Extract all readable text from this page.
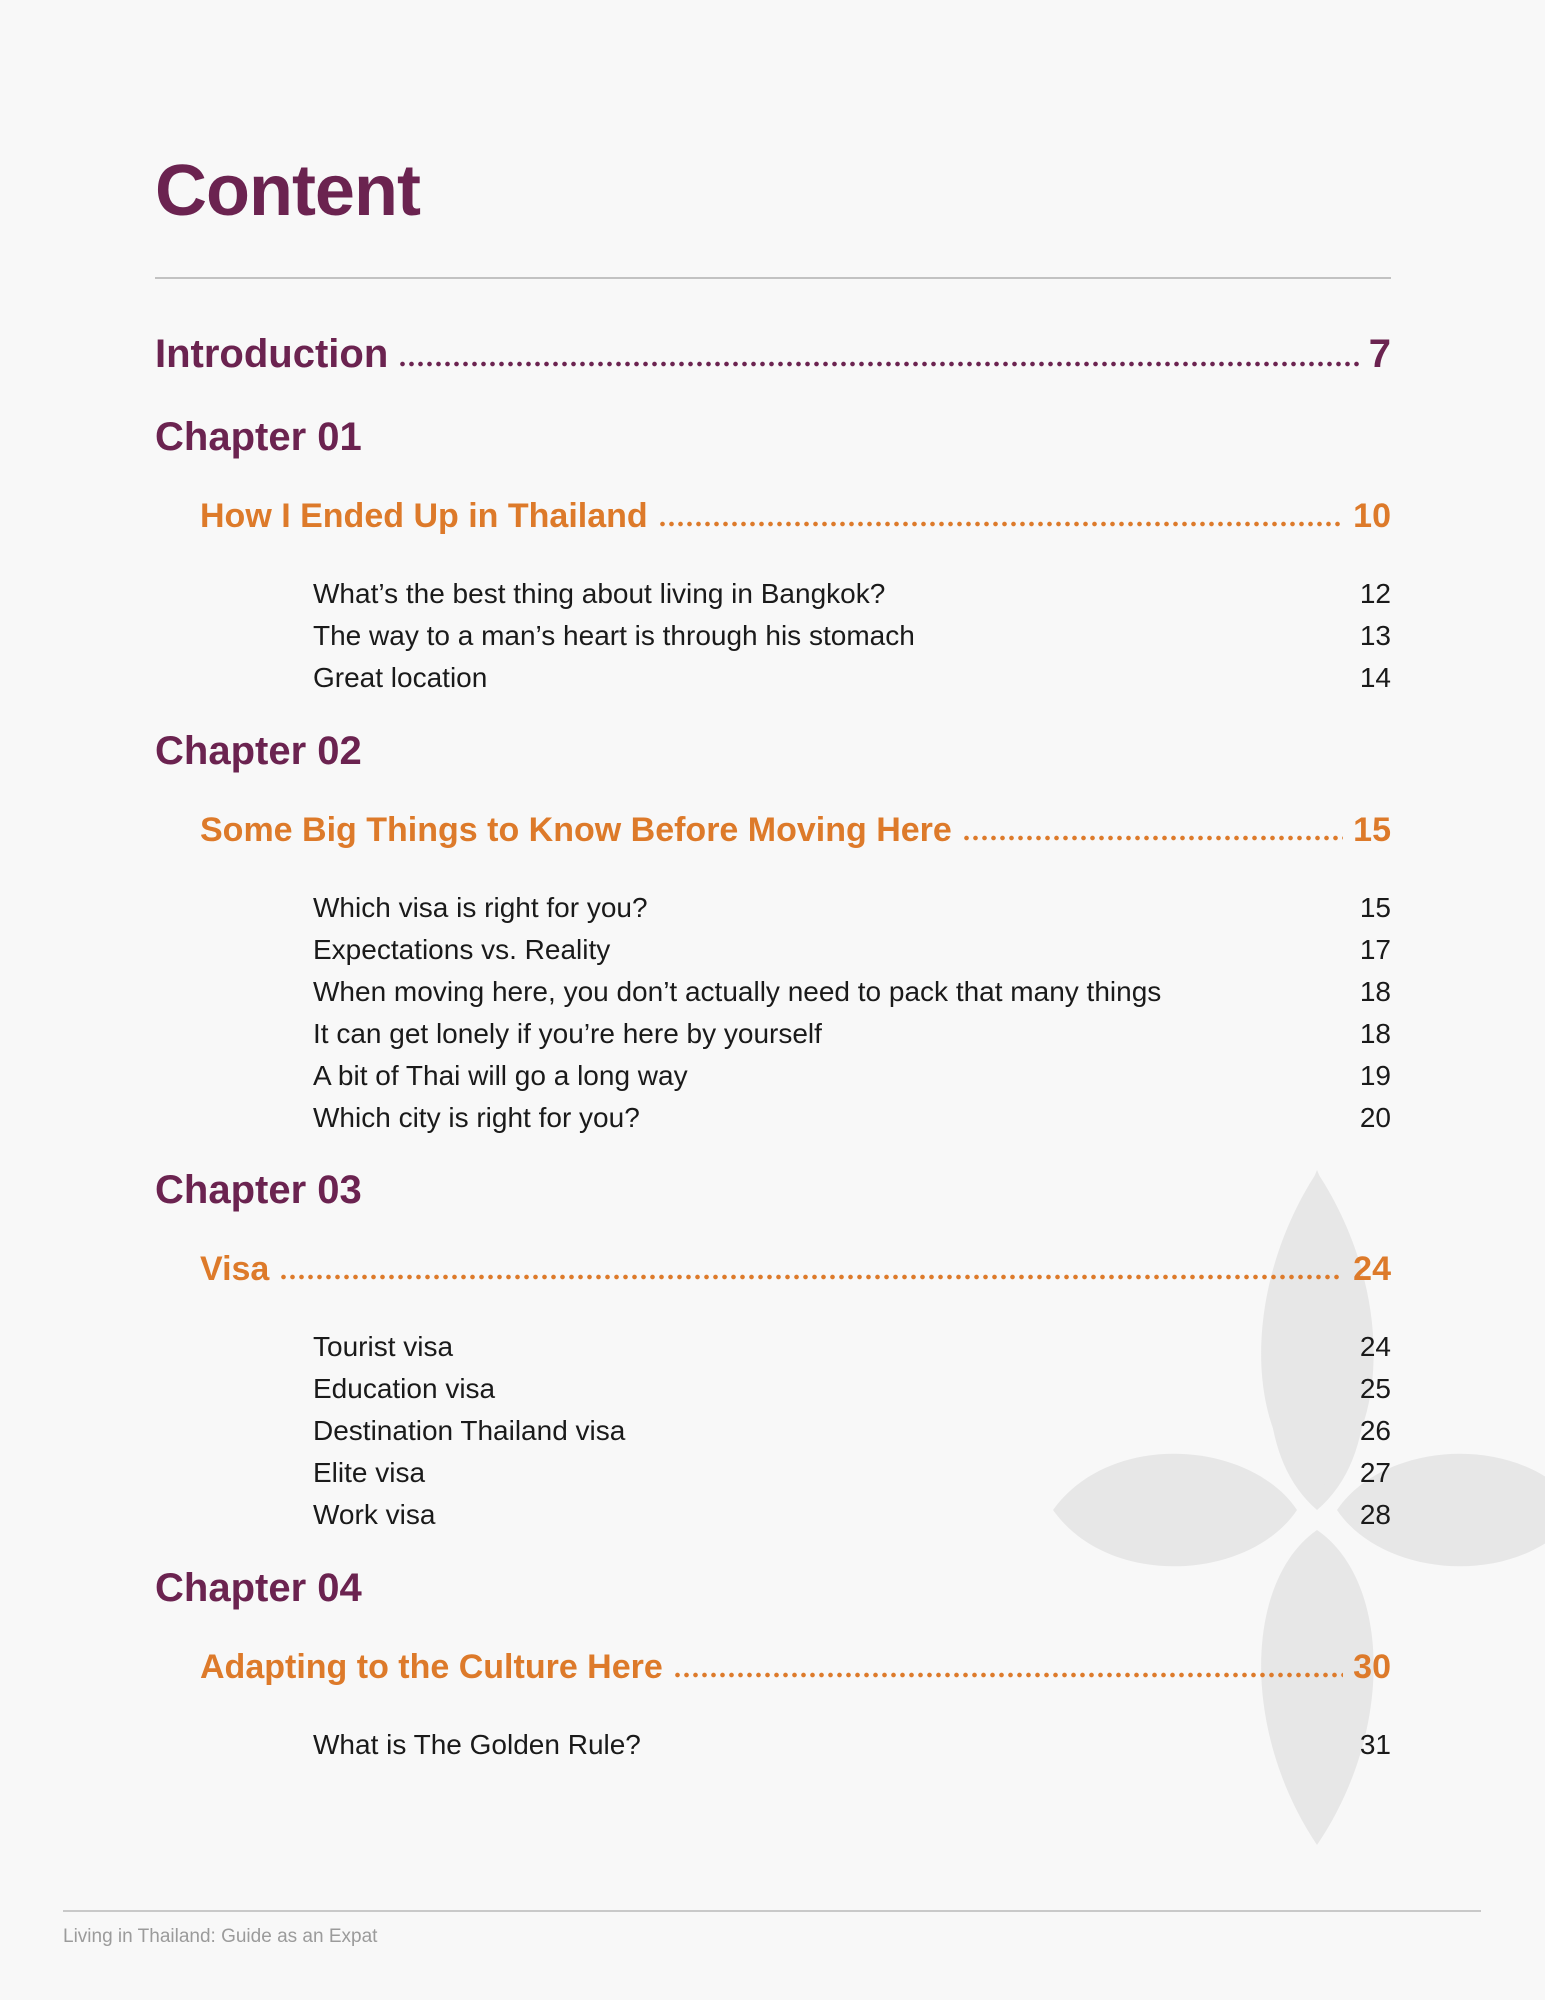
Content
Introduction	7
Chapter 01
How I Ended Up in Thailand	10
What’s the best thing about living in Bangkok?	12
The way to a man’s heart is through his stomach	13
Great location	14
Chapter 02
Some Big Things to Know Before Moving Here	15
Which visa is right for you?	15
Expectations vs. Reality	17
When moving here, you don’t actually need to pack that many things	18
It can get lonely if you’re here by yourself	18
A bit of Thai will go a long way	19
Which city is right for you?	20
Chapter 03
Visa	24
Tourist visa	24
Education visa	25
Destination Thailand visa	26
Elite visa	27
Work visa	28
Chapter 04
Adapting to the Culture Here	30
What is The Golden Rule?	31
Living in Thailand: Guide as an Expat
